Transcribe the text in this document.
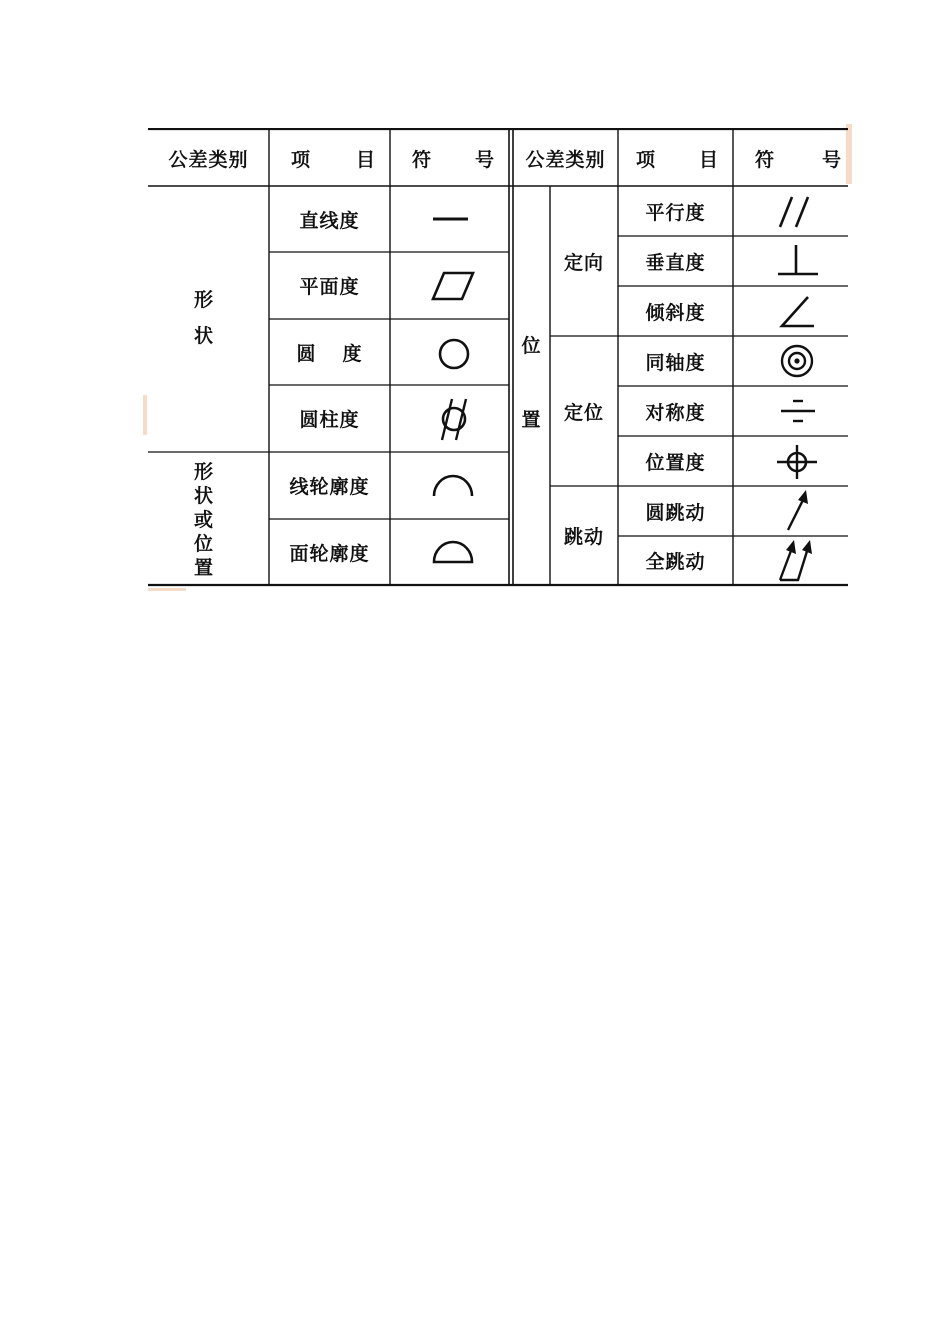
公差类别 项 目 符 号 公差类别 项 目 符 号
形
状
形
状
或
位
置
直线度
平面度
圆 度
圆柱度
线轮廓度
面轮廓度
位
置
定向
定位
跳动
平行度
垂直度
倾斜度
同轴度
对称度
位置度
圆跳动
全跳动
